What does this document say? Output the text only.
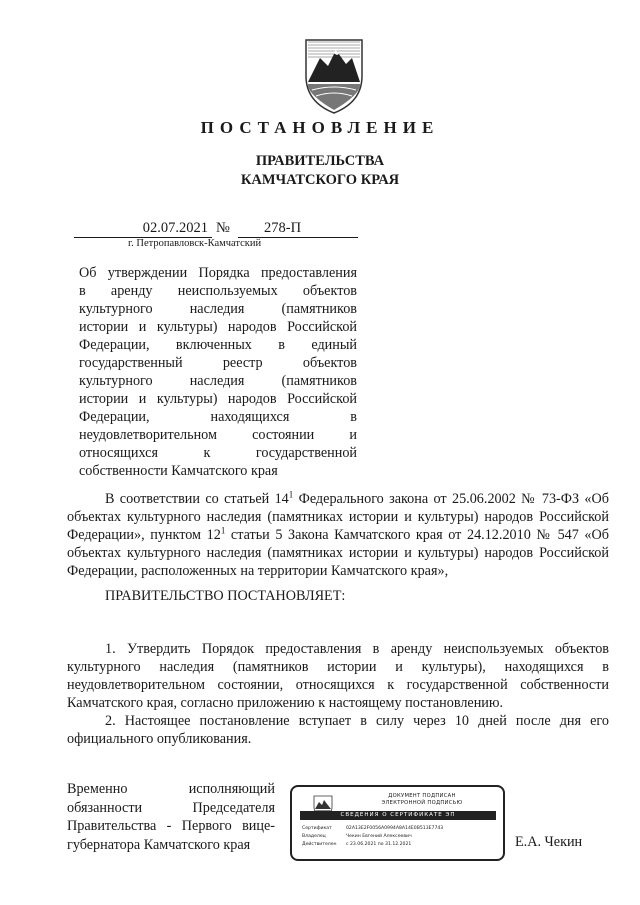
ПОСТАНОВЛЕНИЕ
ПРАВИТЕЛЬСТВА
КАМЧАТСКОГО КРАЯ
02.07.2021 №	278-П
г. Петропавловск-Камчатский
Об утверждении Порядка предоставления
в аренду неиспользуемых объектов
культурного наследия (памятников
истории и культуры) народов Российской
Федерации, включенных в единый
государственный реестр объектов
культурного наследия (памятников
истории и культуры) народов Российской
Федерации, находящихся в
неудовлетворительном состоянии и
относящихся к государственной
собственности Камчатского края
В соответствии со статьей $14^1$ Федерального закона от 25.06.2002 № 73-ФЗ «Об объектах культурного наследия (памятниках истории и культуры) народов Российской Федерации», пунктом $12^1$ статьи 5 Закона Камчатского края от 24.12.2010 № 547 «Об объектах культурного наследия (памятниках истории и культуры) народов Российской Федерации, расположенных на территории Камчатского края»,
ПРАВИТЕЛЬСТВО ПОСТАНОВЛЯЕТ:
1. Утвердить Порядок предоставления в аренду неиспользуемых объектов культурного наследия (памятников истории и культуры), находящихся в неудовлетворительном состоянии, относящихся к государственной собственности Камчатского края, согласно приложению к настоящему постановлению.
2. Настоящее постановление вступает в силу через 10 дней после дня его официального опубликования.
Временно исполняющий
обязанности Председателя
Правительства - Первого вице-
губернатора Камчатского края
ДОКУМЕНТ ПОДПИСАН
ЭЛЕКТРОННОЙ ПОДПИСЬЮ
СВЕДЕНИЯ О СЕРТИФИКАТЕ ЭП
Сертификат	02A13E2F0056A0994A8A14E0B513E7743
Владелец	Чекин Евгений Алексеевич
Действителен	с 23.06.2021 по 31.12.2021	Е.А. Чекин
